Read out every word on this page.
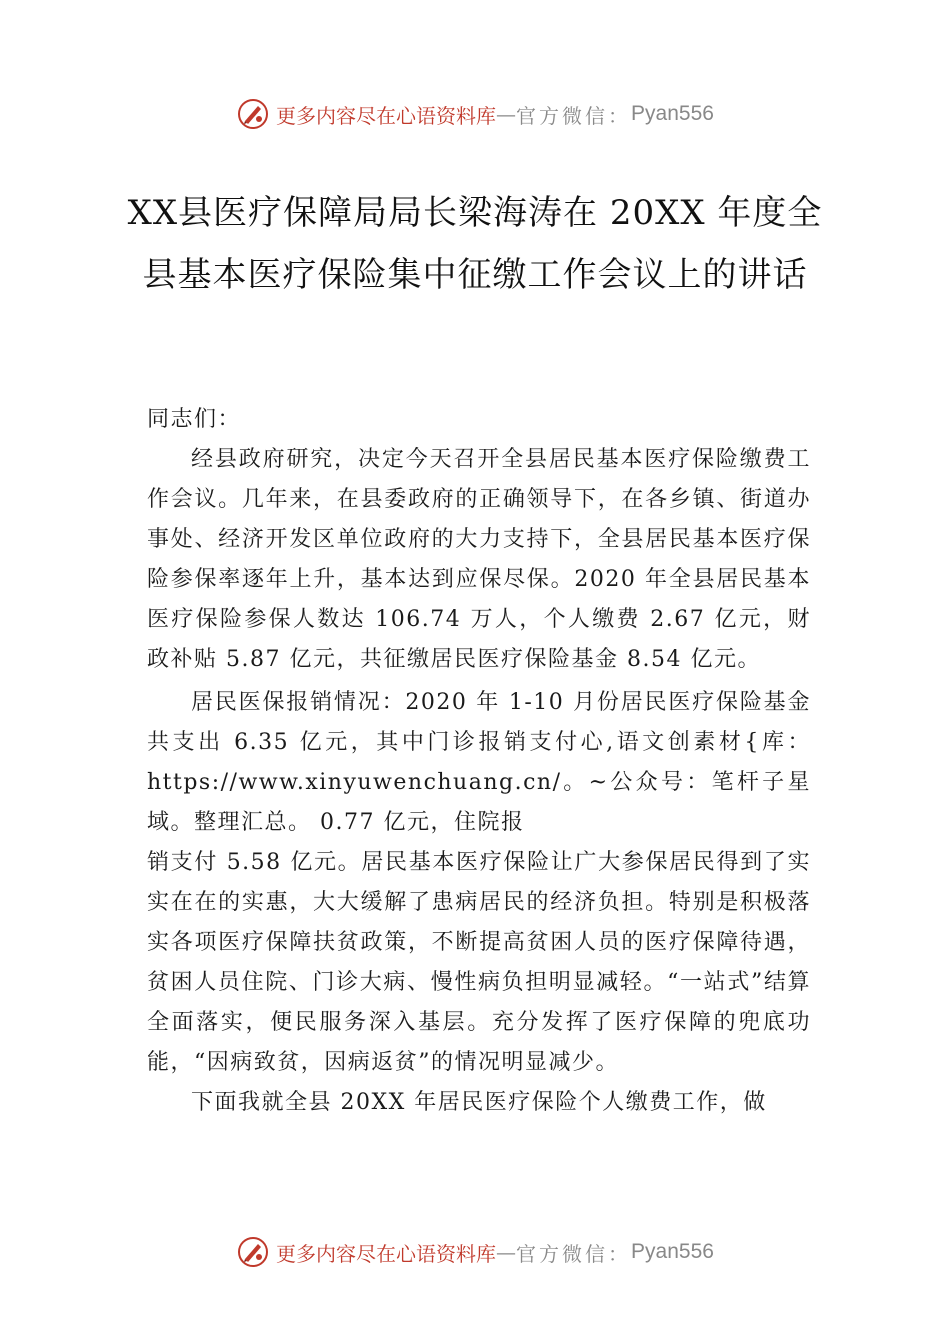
更多内容尽在心语资料库 — 官方微信： Pyan556
XX县医疗保障局局长梁海涛在 20XX 年度全县基本医疗保险集中征缴工作会议上的讲话

同志们：

经县政府研究，决定今天召开全县居民基本医疗保险缴费工作会议。几年来，在县委政府的正确领导下，在各乡镇、街道办事处、经济开发区单位政府的大力支持下，全县居民基本医疗保险参保率逐年上升，基本达到应保尽保。2020 年全县居民基本医疗保险参保人数达 106.74 万人，个人缴费 2.67 亿元，财政补贴 5.87 亿元，共征缴居民医疗保险基金 8.54 亿元。

居民医保报销情况：2020 年 1-10 月份居民医疗保险基金共支出 6.35 亿元，其中门诊报销支付心,语文创素材{库：https://www.xinyuwenchuang.cn/。~公众号：笔杆子星域。整理汇总。 0.77 亿元，住院报

销支付 5.58 亿元。居民基本医疗保险让广大参保居民得到了实实在在的实惠，大大缓解了患病居民的经济负担。特别是积极落实各项医疗保障扶贫政策，不断提高贫困人员的医疗保障待遇，贫困人员住院、门诊大病、慢性病负担明显减轻。“一站式”结算全面落实，便民服务深入基层。充分发挥了医疗保障的兜底功能，“因病致贫，因病返贫”的情况明显减少。

下面我就全县 20XX 年居民医疗保险个人缴费工作，做

更多内容尽在心语资料库 — 官方微信： Pyan556
